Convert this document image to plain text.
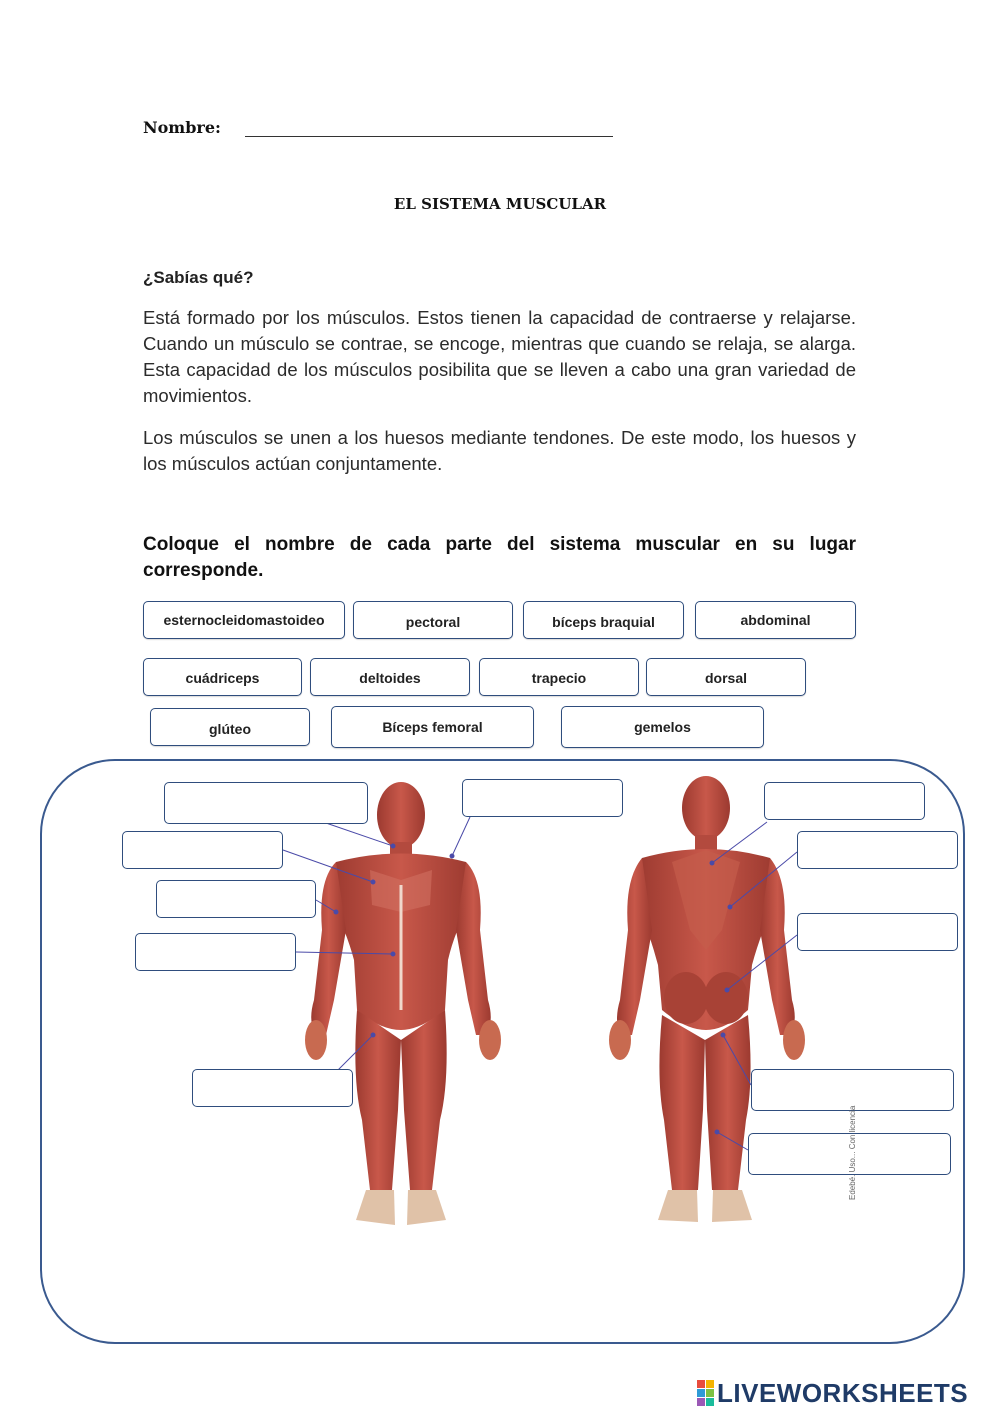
Nombre:
EL SISTEMA MUSCULAR
¿Sabías qué?
Está formado por los músculos. Estos tienen la capacidad de contraerse y relajarse. Cuando un músculo se contrae, se encoge, mientras que cuando se relaja, se alarga. Esta capacidad de los músculos posibilita que se lleven a cabo una gran variedad de movimientos.
Los músculos se unen a los huesos mediante tendones. De este modo, los huesos y los músculos actúan conjuntamente.
Coloque el nombre de cada parte del sistema muscular en su lugar corresponde.
esternocleidomastoideo	pectoral	bíceps braquial	abdominal
cuádriceps	deltoides	trapecio	dorsal
glúteo	Bíceps femoral	gemelos
Edebé. Uso... Con licencia
LIVEWORKSHEETS
